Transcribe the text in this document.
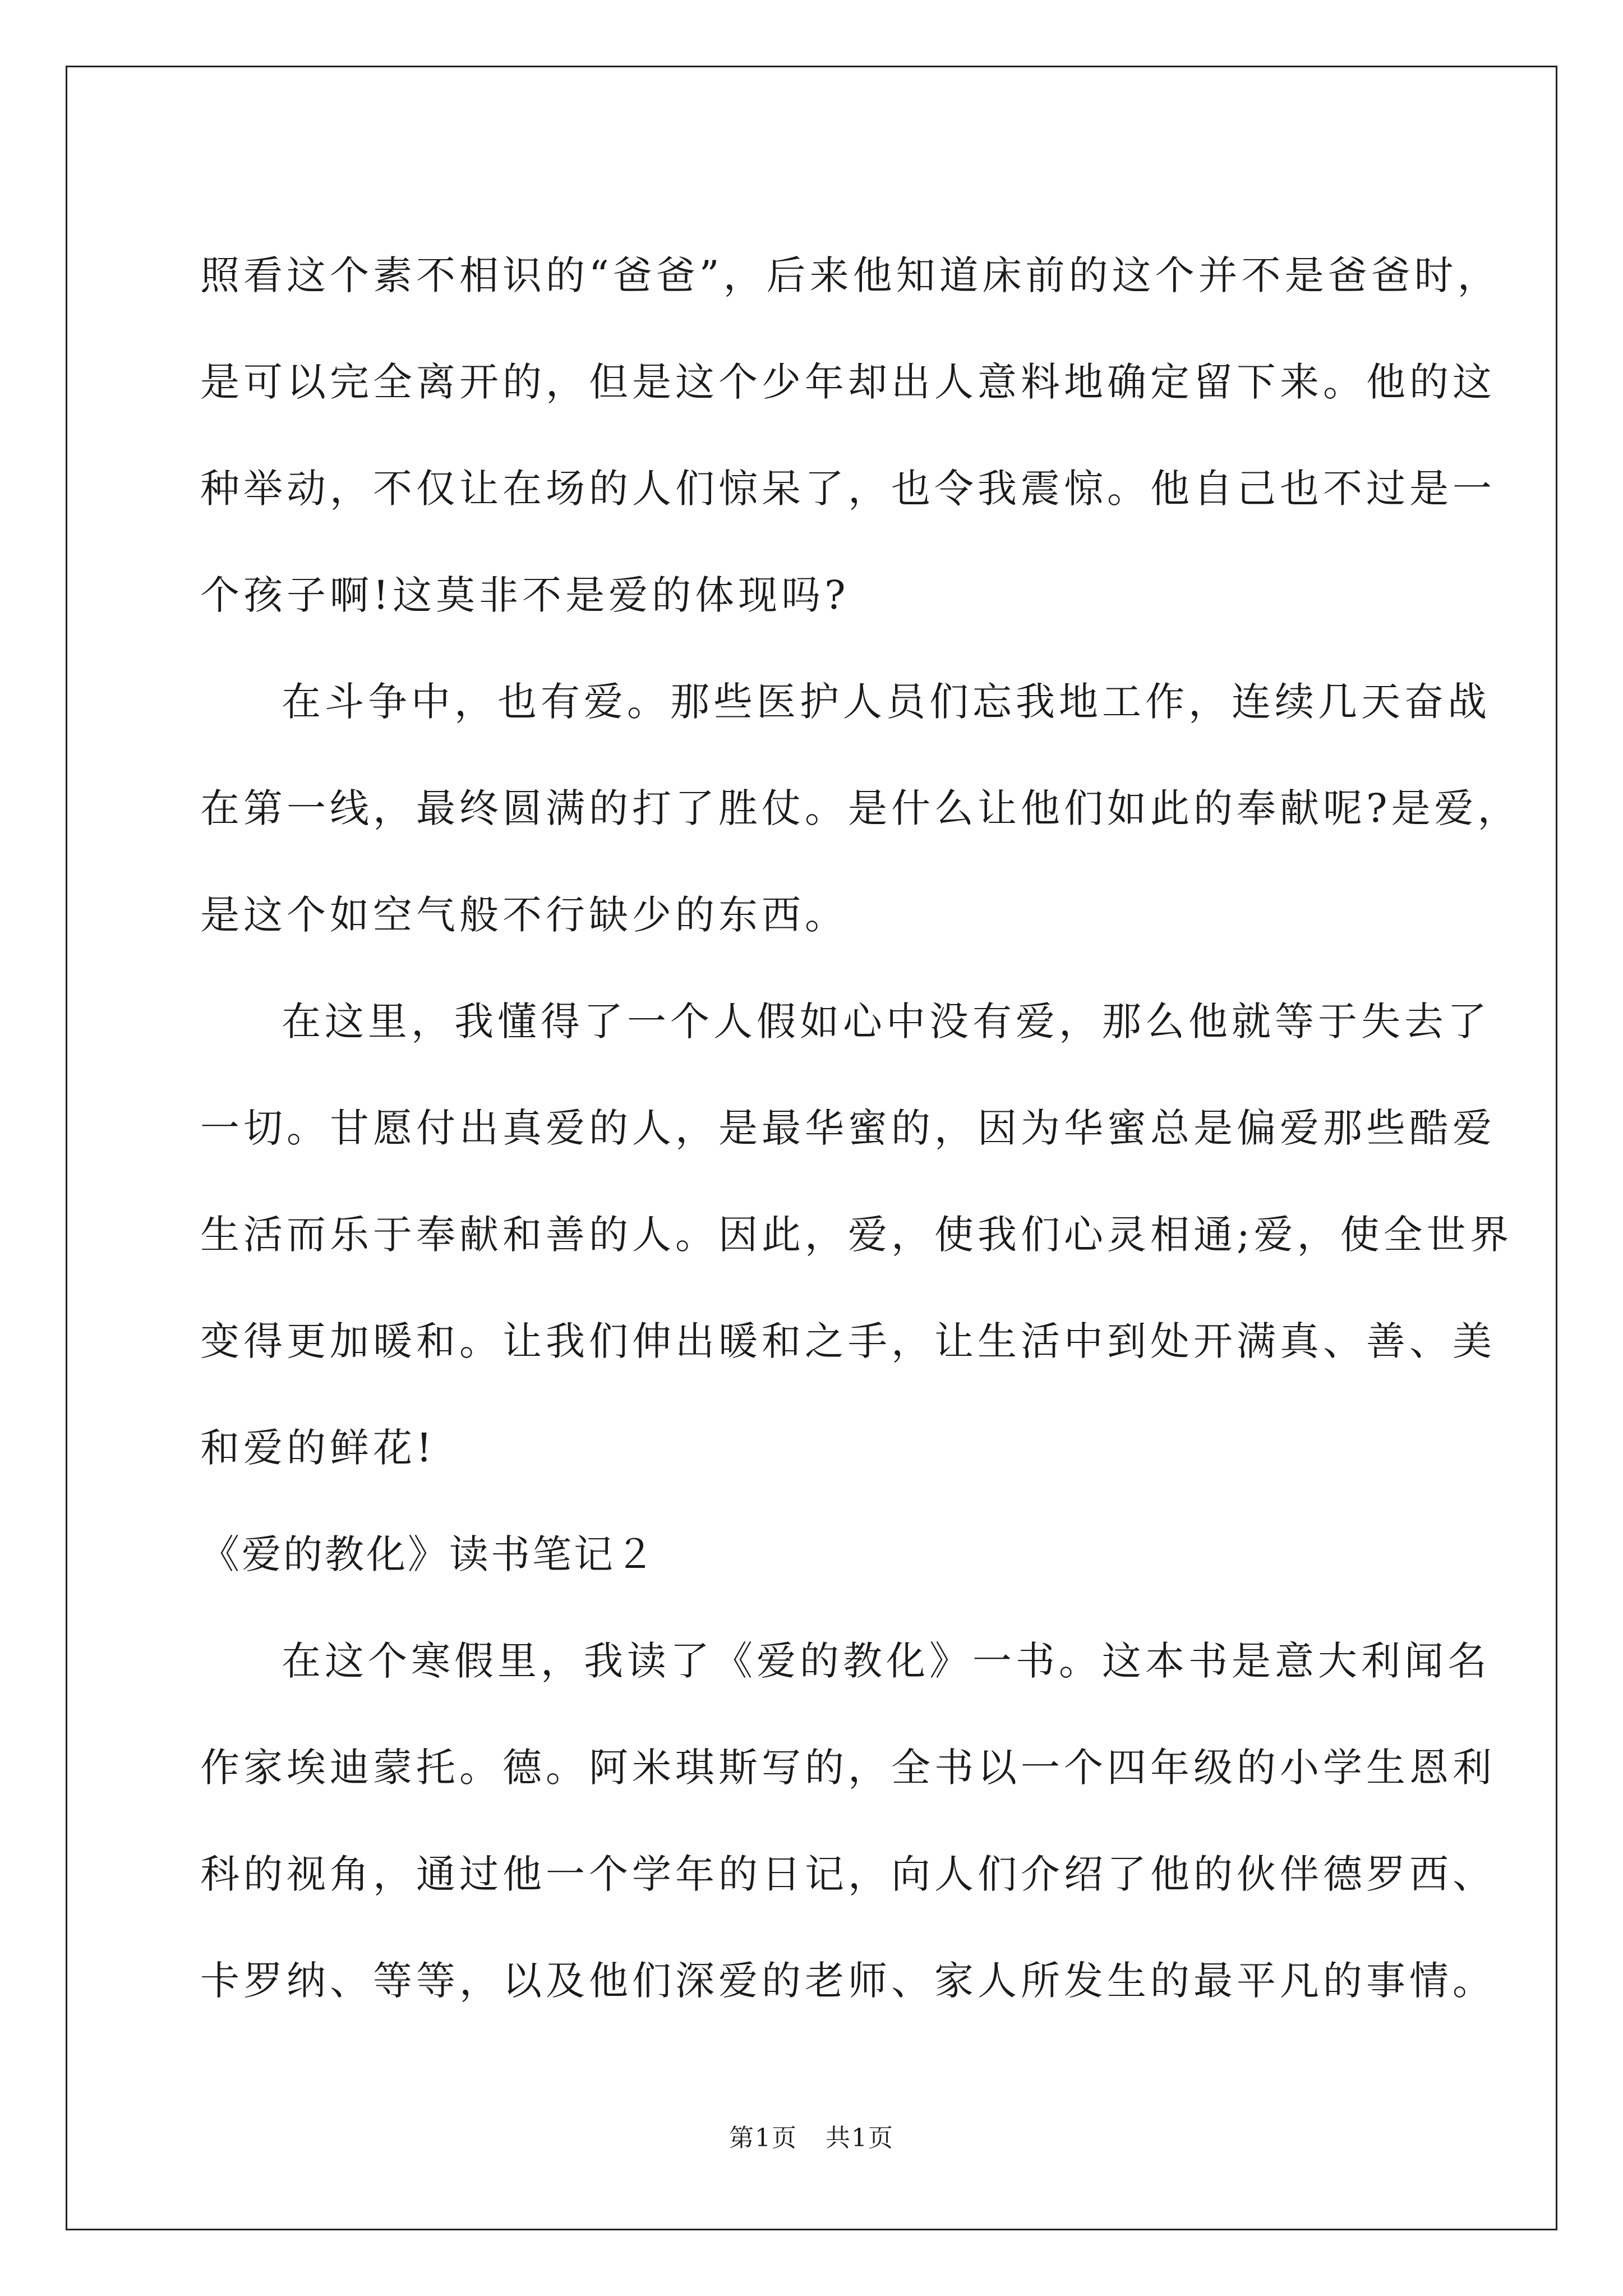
照看这个素不相识的“爸爸”，后来他知道床前的这个并不是爸爸时，
是可以完全离开的，但是这个少年却出人意料地确定留下来。他的这
种举动，不仅让在场的人们惊呆了，也令我震惊。他自己也不过是一
个孩子啊!这莫非不是爱的体现吗?
在斗争中，也有爱。那些医护人员们忘我地工作，连续几天奋战
在第一线，最终圆满的打了胜仗。是什么让他们如此的奉献呢?是爱，
是这个如空气般不行缺少的东西。
在这里，我懂得了一个人假如心中没有爱，那么他就等于失去了
一切。甘愿付出真爱的人，是最华蜜的，因为华蜜总是偏爱那些酷爱
生活而乐于奉献和善的人。因此，爱，使我们心灵相通;爱，使全世界
变得更加暖和。让我们伸出暖和之手，让生活中到处开满真、善、美
和爱的鲜花!
《爱的教化》读书笔记２
在这个寒假里，我读了《爱的教化》一书。这本书是意大利闻名
作家埃迪蒙托。德。阿米琪斯写的，全书以一个四年级的小学生恩利
科的视角，通过他一个学年的日记，向人们介绍了他的伙伴德罗西、
卡罗纳、等等，以及他们深爱的老师、家人所发生的最平凡的事情。
第1页 共1页
